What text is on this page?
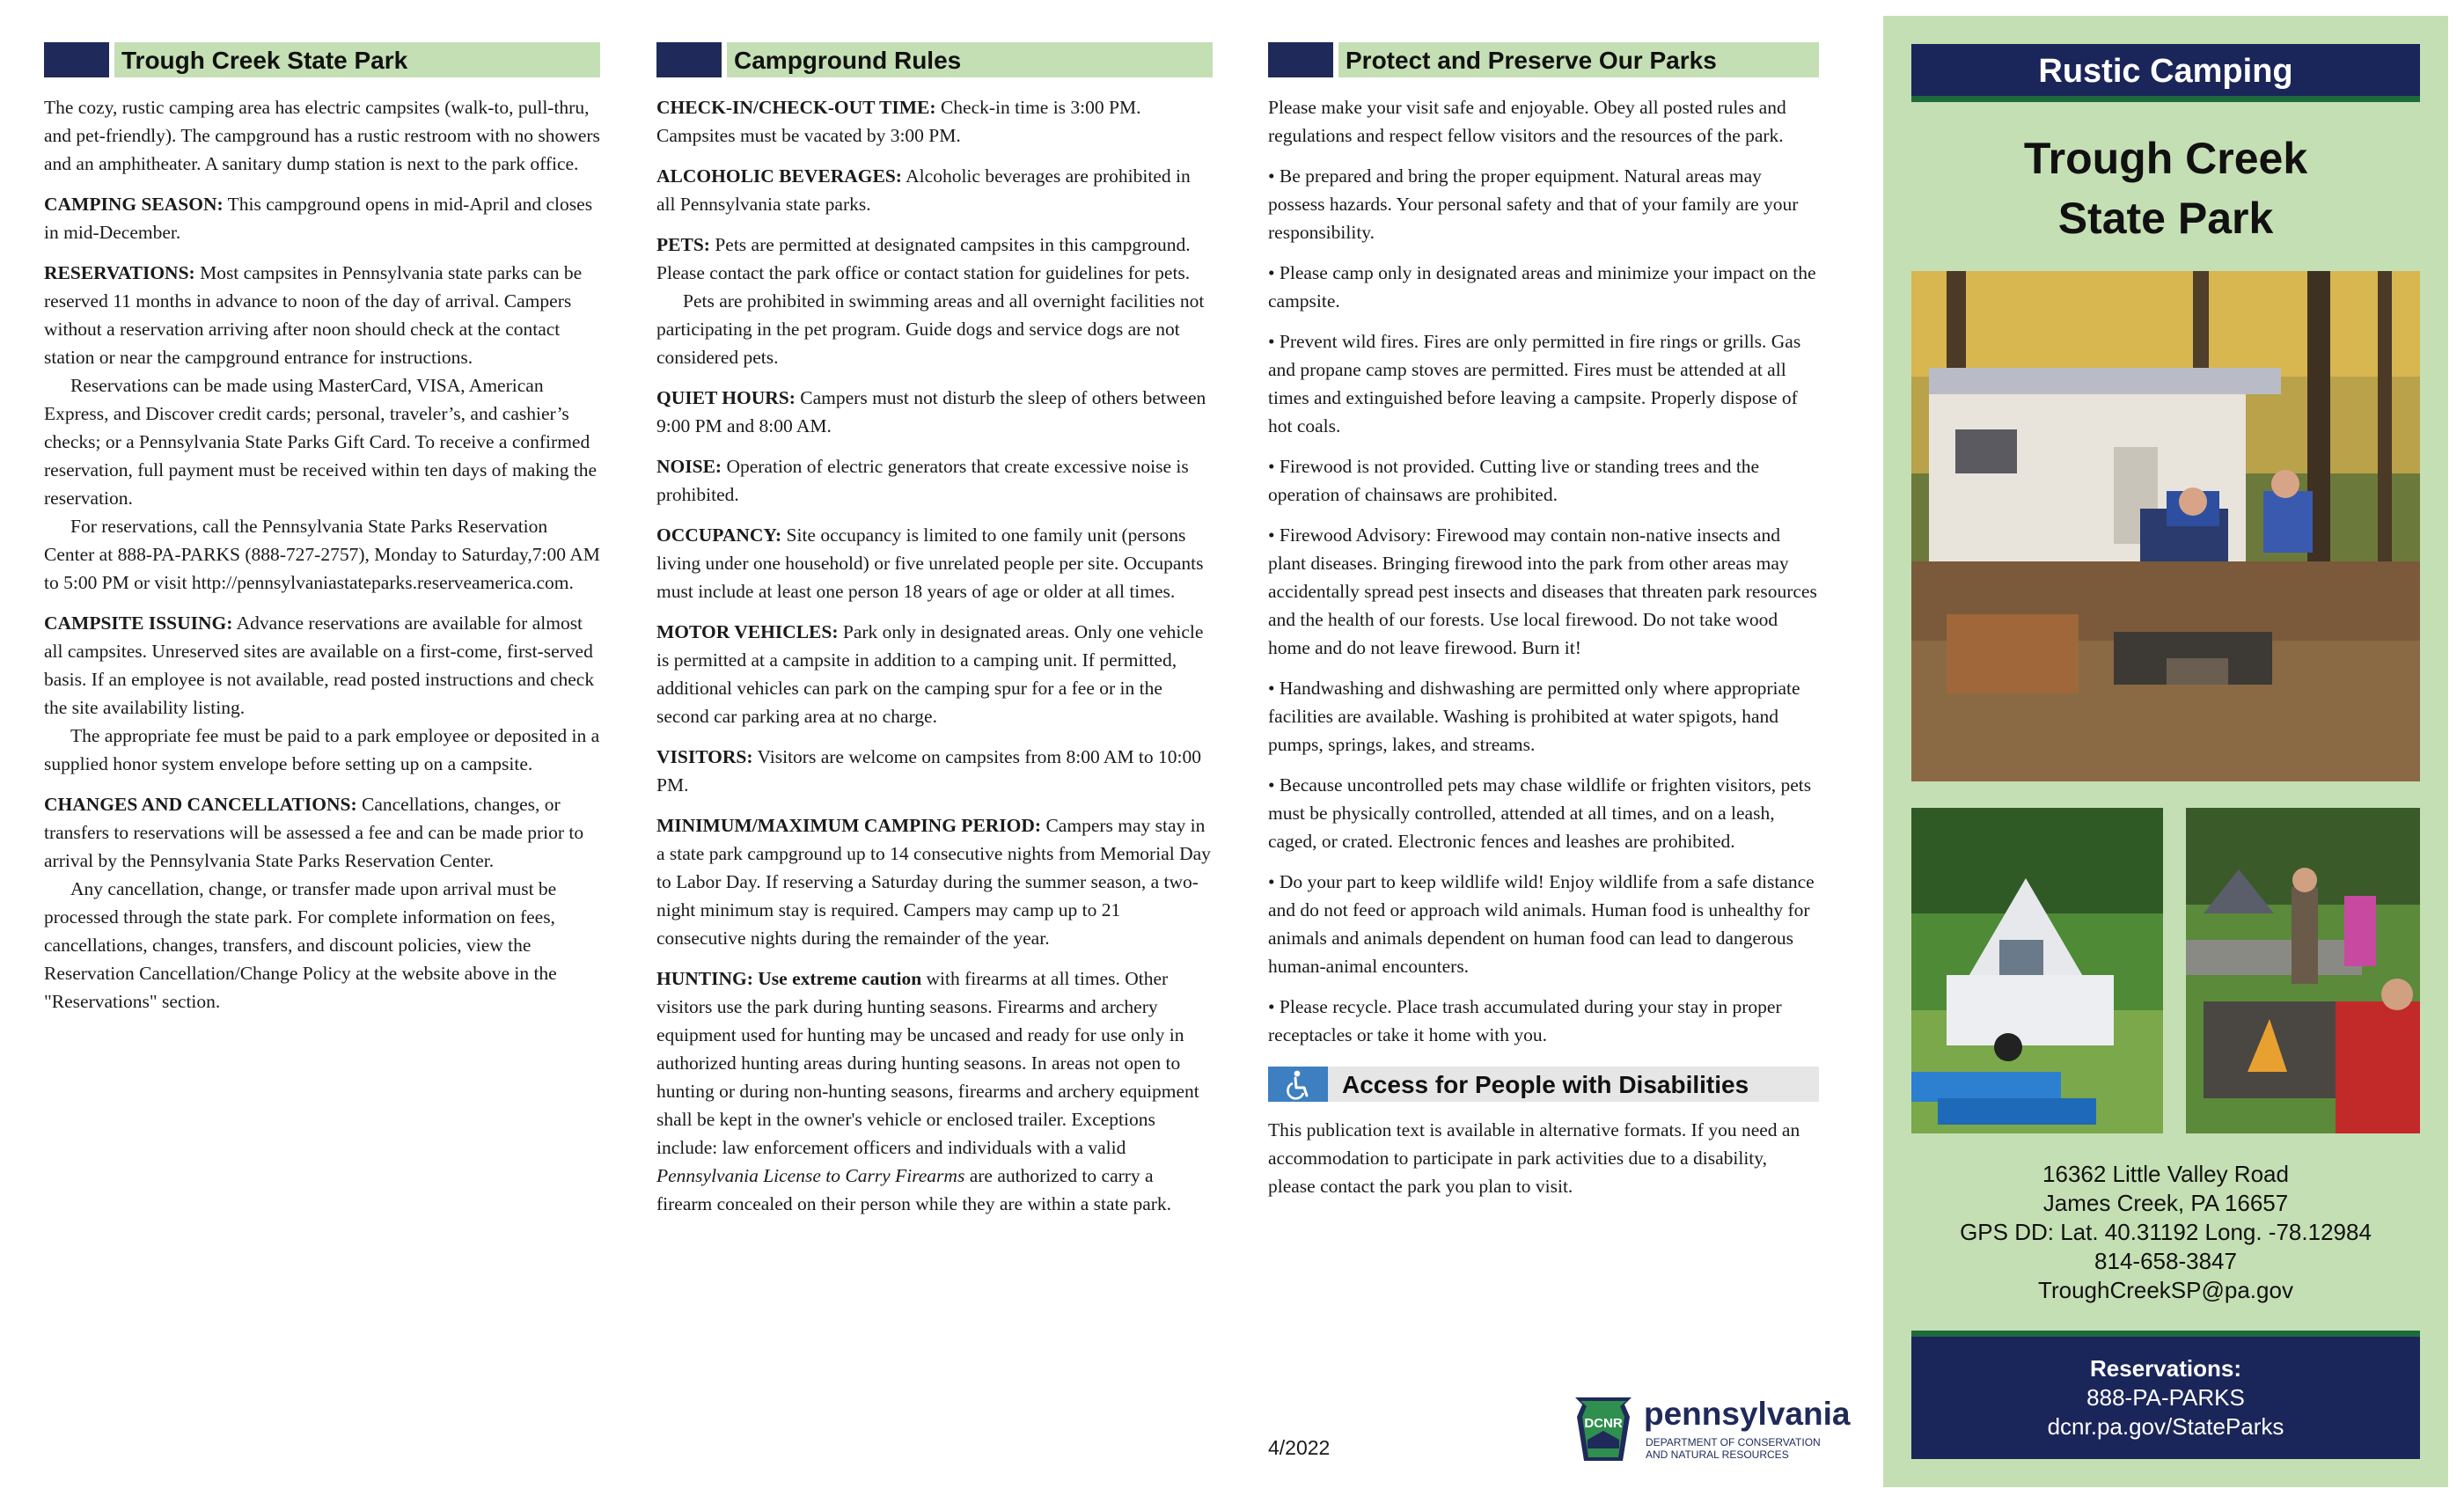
Trough Creek State Park

The cozy, rustic camping area has electric campsites (walk-to, pull-thru, and pet-friendly). The campground has a rustic restroom with no showers and an amphitheater. A sanitary dump station is next to the park office.

CAMPING SEASON: This campground opens in mid-April and closes in mid-December.

RESERVATIONS: Most campsites in Pennsylvania state parks can be reserved 11 months in advance to noon of the day of arrival. Campers without a reservation arriving after noon should check at the contact station or near the campground entrance for instructions.

Reservations can be made using MasterCard, VISA, American Express, and Discover credit cards; personal, traveler’s, and cashier’s checks; or a Pennsylvania State Parks Gift Card. To receive a confirmed reservation, full payment must be received within ten days of making the reservation.

For reservations, call the Pennsylvania State Parks Reservation Center at 888-PA-PARKS (888-727-2757), Monday to Saturday,7:00 AM to 5:00 PM or visit http://pennsylvaniastateparks.reserveamerica.com.

CAMPSITE ISSUING: Advance reservations are available for almost all campsites. Unreserved sites are available on a first-come, first-served basis. If an employee is not available, read posted instructions and check the site availability listing.

The appropriate fee must be paid to a park employee or deposited in a supplied honor system envelope before setting up on a campsite.

CHANGES AND CANCELLATIONS: Cancellations, changes, or transfers to reservations will be assessed a fee and can be made prior to arrival by the Pennsylvania State Parks Reservation Center.

Any cancellation, change, or transfer made upon arrival must be processed through the state park. For complete information on fees, cancellations, changes, transfers, and discount policies, view the Reservation Cancellation/Change Policy at the website above in the "Reservations" section.

Campground Rules

CHECK-IN/CHECK-OUT TIME: Check-in time is 3:00 PM. Campsites must be vacated by 3:00 PM.

ALCOHOLIC BEVERAGES: Alcoholic beverages are prohibited in all Pennsylvania state parks.

PETS: Pets are permitted at designated campsites in this campground. Please contact the park office or contact station for guidelines for pets.

Pets are prohibited in swimming areas and all overnight facilities not participating in the pet program. Guide dogs and service dogs are not considered pets.

QUIET HOURS: Campers must not disturb the sleep of others between 9:00 PM and 8:00 AM.

NOISE: Operation of electric generators that create excessive noise is prohibited.

OCCUPANCY: Site occupancy is limited to one family unit (persons living under one household) or five unrelated people per site. Occupants must include at least one person 18 years of age or older at all times.

MOTOR VEHICLES: Park only in designated areas. Only one vehicle is permitted at a campsite in addition to a camping unit. If permitted, additional vehicles can park on the camping spur for a fee or in the second car parking area at no charge.

VISITORS: Visitors are welcome on campsites from 8:00 AM to 10:00 PM.

MINIMUM/MAXIMUM CAMPING PERIOD: Campers may stay in a state park campground up to 14 consecutive nights from Memorial Day to Labor Day. If reserving a Saturday during the summer season, a two-night minimum stay is required. Campers may camp up to 21 consecutive nights during the remainder of the year.

HUNTING: Use extreme caution with firearms at all times. Other visitors use the park during hunting seasons. Firearms and archery equipment used for hunting may be uncased and ready for use only in authorized hunting areas during hunting seasons. In areas not open to hunting or during non-hunting seasons, firearms and archery equipment shall be kept in the owner's vehicle or enclosed trailer. Exceptions include: law enforcement officers and individuals with a valid Pennsylvania License to Carry Firearms are authorized to carry a firearm concealed on their person while they are within a state park.

Protect and Preserve Our Parks

Please make your visit safe and enjoyable. Obey all posted rules and regulations and respect fellow visitors and the resources of the park.

• Be prepared and bring the proper equipment. Natural areas may possess hazards. Your personal safety and that of your family are your responsibility.

• Please camp only in designated areas and minimize your impact on the campsite.

• Prevent wild fires. Fires are only permitted in fire rings or grills. Gas and propane camp stoves are permitted. Fires must be attended at all times and extinguished before leaving a campsite. Properly dispose of hot coals.

• Firewood is not provided. Cutting live or standing trees and the operation of chainsaws are prohibited.

• Firewood Advisory: Firewood may contain non-native insects and plant diseases. Bringing firewood into the park from other areas may accidentally spread pest insects and diseases that threaten park resources and the health of our forests. Use local firewood. Do not take wood home and do not leave firewood. Burn it!

• Handwashing and dishwashing are permitted only where appropriate facilities are available. Washing is prohibited at water spigots, hand pumps, springs, lakes, and streams.

• Because uncontrolled pets may chase wildlife or frighten visitors, pets must be physically controlled, attended at all times, and on a leash, caged, or crated. Electronic fences and leashes are prohibited.

• Do your part to keep wildlife wild! Enjoy wildlife from a safe distance and do not feed or approach wild animals. Human food is unhealthy for animals and animals dependent on human food can lead to dangerous human-animal encounters.

• Please recycle. Place trash accumulated during your stay in proper receptacles or take it home with you.

Access for People with Disabilities

This publication text is available in alternative formats. If you need an accommodation to participate in park activities due to a disability, please contact the park you plan to visit.

4/2022
DCNR pennsylvania
DEPARTMENT OF CONSERVATION
AND NATURAL RESOURCES
Rustic Camping
Trough Creek
State Park
16362 Little Valley Road
James Creek, PA 16657
GPS DD: Lat. 40.31192 Long. -78.12984
814-658-3847
TroughCreekSP@pa.gov
Reservations:
888-PA-PARKS
dcnr.pa.gov/StateParks
